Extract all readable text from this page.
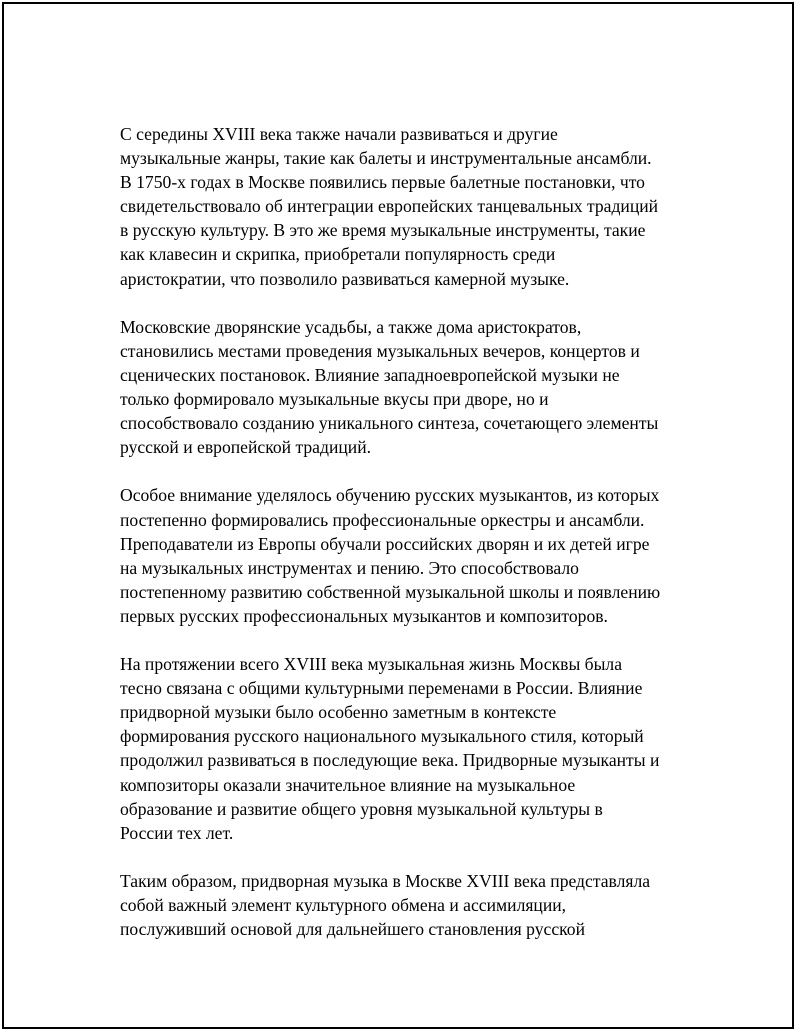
С середины XVIII века также начали развиваться и другие
музыкальные жанры, такие как балеты и инструментальные ансамбли.
В 1750-х годах в Москве появились первые балетные постановки, что
свидетельствовало об интеграции европейских танцевальных традиций
в русскую культуру. В это же время музыкальные инструменты, такие
как клавесин и скрипка, приобретали популярность среди
аристократии, что позволило развиваться камерной музыке.

Московские дворянские усадьбы, а также дома аристократов,
становились местами проведения музыкальных вечеров, концертов и
сценических постановок. Влияние западноевропейской музыки не
только формировало музыкальные вкусы при дворе, но и
способствовало созданию уникального синтеза, сочетающего элементы
русской и европейской традиций.

Особое внимание уделялось обучению русских музыкантов, из которых
постепенно формировались профессиональные оркестры и ансамбли.
Преподаватели из Европы обучали российских дворян и их детей игре
на музыкальных инструментах и пению. Это способствовало
постепенному развитию собственной музыкальной школы и появлению
первых русских профессиональных музыкантов и композиторов.

На протяжении всего XVIII века музыкальная жизнь Москвы была
тесно связана с общими культурными переменами в России. Влияние
придворной музыки было особенно заметным в контексте
формирования русского национального музыкального стиля, который
продолжил развиваться в последующие века. Придворные музыканты и
композиторы оказали значительное влияние на музыкальное
образование и развитие общего уровня музыкальной культуры в
России тех лет.

Таким образом, придворная музыка в Москве XVIII века представляла
собой важный элемент культурного обмена и ассимиляции,
послуживший основой для дальнейшего становления русской
